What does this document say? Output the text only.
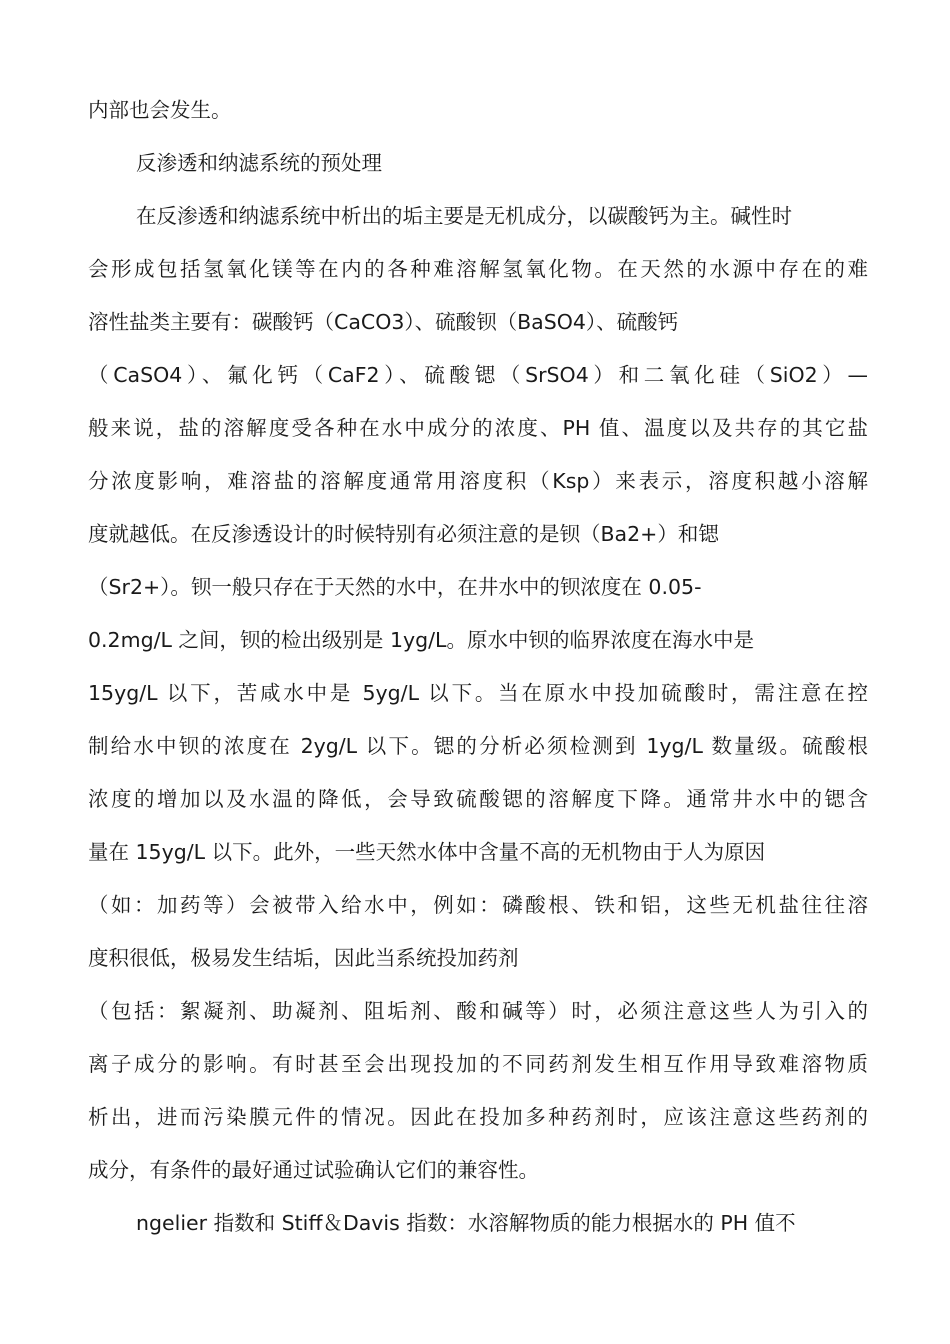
内部也会发生。
反渗透和纳滤系统的预处理
在反渗透和纳滤系统中析出的垢主要是无机成分，以碳酸钙为主。碱性时
会形成包括氢氧化镁等在内的各种难溶解氢氧化物。在天然的水源中存在的难
溶性盐类主要有：碳酸钙（CaCO3）、硫酸钡（BaSO4）、硫酸钙
（CaSO4）、氟化钙（CaF2）、硫酸锶（SrSO4）和二氧化硅（SiO2）—
般来说，盐的溶解度受各种在水中成分的浓度、PH 值、温度以及共存的其它盐
分浓度影响，难溶盐的溶解度通常用溶度积（Ksp）来表示，溶度积越小溶解
度就越低。在反渗透设计的时候特别有必须注意的是钡（Ba2+）和锶
（Sr2+）。钡一般只存在于天然的水中，在井水中的钡浓度在 0.05-
0.2mg/L 之间，钡的检出级别是 1yg/L。原水中钡的临界浓度在海水中是
15yg/L 以下，苦咸水中是 5yg/L 以下。当在原水中投加硫酸时，需注意在控
制给水中钡的浓度在 2yg/L 以下。锶的分析必须检测到 1yg/L 数量级。硫酸根
浓度的增加以及水温的降低，会导致硫酸锶的溶解度下降。通常井水中的锶含
量在 15yg/L 以下。此外，一些天然水体中含量不高的无机物由于人为原因
（如：加药等）会被带入给水中，例如：磷酸根、铁和铝，这些无机盐往往溶
度积很低，极易发生结垢，因此当系统投加药剂
（包括：絮凝剂、助凝剂、阻垢剂、酸和碱等）时，必须注意这些人为引入的
离子成分的影响。有时甚至会出现投加的不同药剂发生相互作用导致难溶物质
析出，进而污染膜元件的情况。因此在投加多种药剂时，应该注意这些药剂的
成分，有条件的最好通过试验确认它们的兼容性。
ngelier 指数和 Stiff＆Davis 指数：水溶解物质的能力根据水的 PH 值不
